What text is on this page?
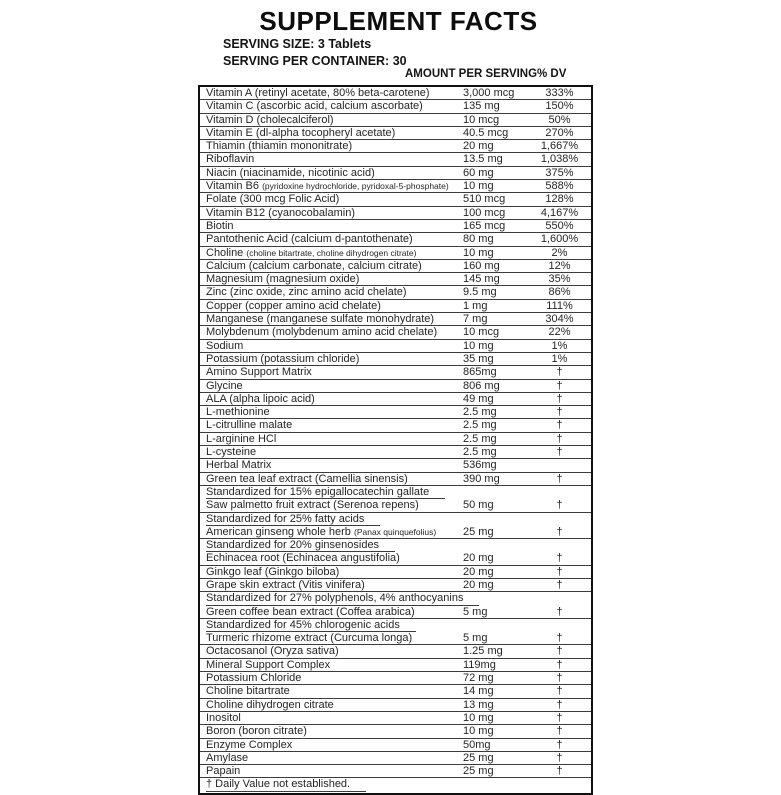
SUPPLEMENT FACTS
SERVING SIZE: 3 Tablets
SERVING PER CONTAINER: 30
AMOUNT PER SERVING % DV
Vitamin A (retinyl acetate, 80% beta-carotene)	3,000 mcg	333%
Vitamin C (ascorbic acid, calcium ascorbate)	135 mg	150%
Vitamin D (cholecalciferol)	10 mcg	50%
Vitamin E (dl-alpha tocopheryl acetate)	40.5 mcg	270%
Thiamin (thiamin mononitrate)	20 mg	1,667%
Riboflavin	13.5 mg	1,038%
Niacin (niacinamide, nicotinic acid)	60 mg	375%
Vitamin B6 (pyridoxine hydrochloride, pyridoxal-5-phosphate)	10 mg	588%
Folate (300 mcg Folic Acid)	510 mcg	128%
Vitamin B12 (cyanocobalamin)	100 mcg	4,167%
Biotin	165 mcg	550%
Pantothenic Acid (calcium d-pantothenate)	80 mg	1,600%
Choline (choline bitartrate, choline dihydrogen citrate)	10 mg	2%
Calcium (calcium carbonate, calcium citrate)	160 mg	12%
Magnesium (magnesium oxide)	145 mg	35%
Zinc (zinc oxide, zinc amino acid chelate)	9.5 mg	86%
Copper (copper amino acid chelate)	1 mg	111%
Manganese (manganese sulfate monohydrate)	7 mg	304%
Molybdenum (molybdenum amino acid chelate)	10 mcg	22%
Sodium	10 mg	1%
Potassium (potassium chloride)	35 mg	1%
Amino Support Matrix	865mg	†
Glycine	806 mg	†
ALA (alpha lipoic acid)	49 mg	†
L-methionine	2.5 mg	†
L-citrulline malate	2.5 mg	†
L-arginine HCl	2.5 mg	†
L-cysteine	2.5 mg	†
Herbal Matrix	536mg
Green tea leaf extract (Camellia sinensis)	390 mg	†
Standardized for 15% epigallocatechin gallate
Saw palmetto fruit extract (Serenoa repens)	50 mg	†
Standardized for 25% fatty acids
American ginseng whole herb (Panax quinquefolius)	25 mg	†
Standardized for 20% ginsenosides
Echinacea root (Echinacea angustifolia)	20 mg	†
Ginkgo leaf (Ginkgo biloba)	20 mg	†
Grape skin extract (Vitis vinifera)	20 mg	†
Standardized for 27% polyphenols, 4% anthocyanins
Green coffee bean extract (Coffea arabica)	5 mg	†
Standardized for 45% chlorogenic acids
Turmeric rhizome extract (Curcuma longa)	5 mg	†
Octacosanol (Oryza sativa)	1.25 mg	†
Mineral Support Complex	119mg	†
Potassium Chloride	72 mg	†
Choline bitartrate	14 mg	†
Choline dihydrogen citrate	13 mg	†
Inositol	10 mg	†
Boron (boron citrate)	10 mg	†
Enzyme Complex	50mg	†
Amylase	25 mg	†
Papain	25 mg	†
† Daily Value not established.
